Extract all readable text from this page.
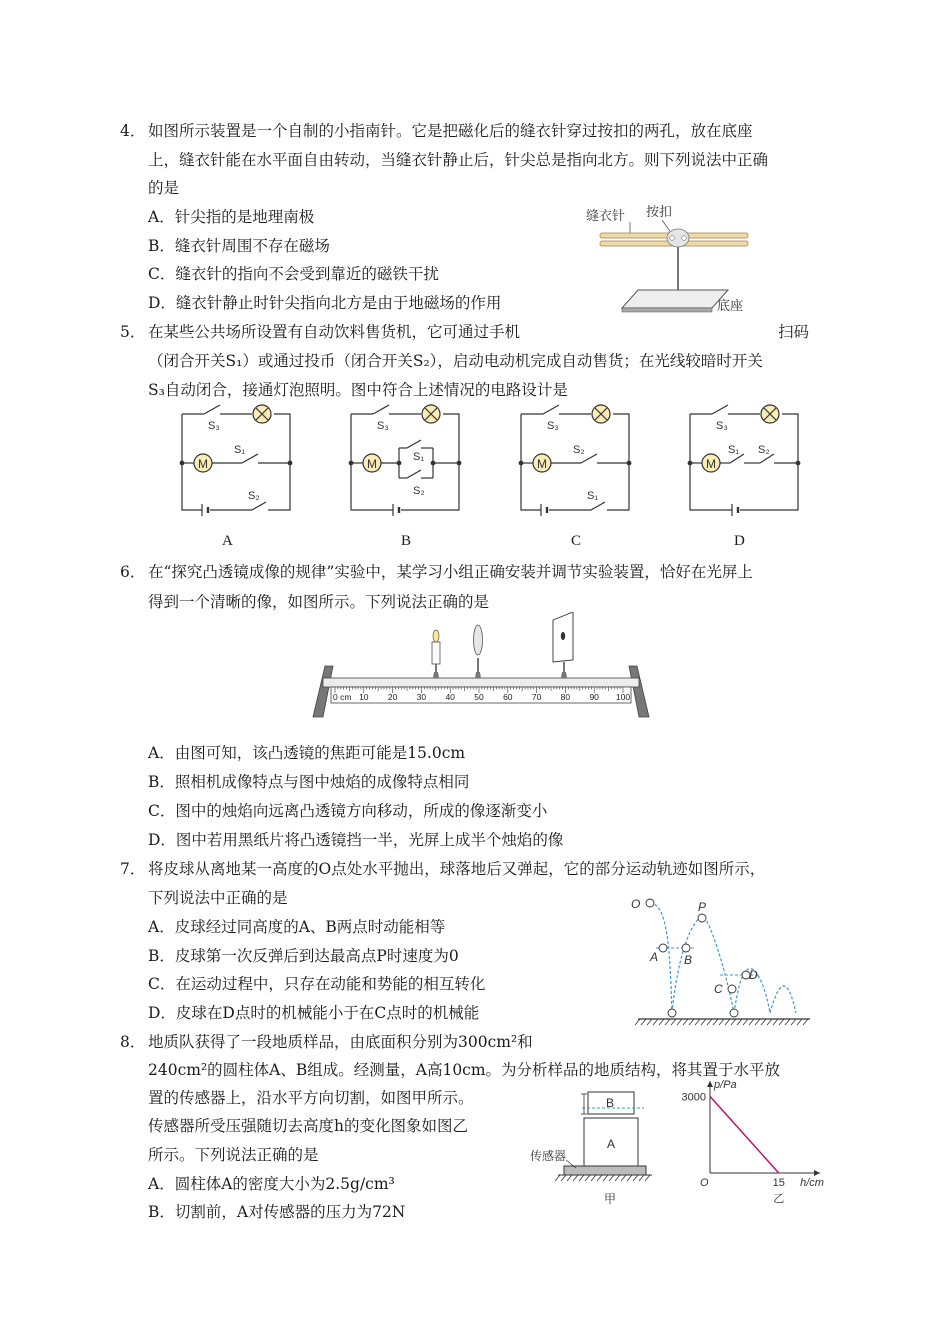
4． 如图所示装置是一个自制的小指南针。它是把磁化后的缝衣针穿过按扣的两孔，放在底座
上，缝衣针能在水平面自由转动，当缝衣针静止后，针尖总是指向北方。则下列说法中正确
的是
A．针尖指的是地理南极
B．缝衣针周围不存在磁场
C．缝衣针的指向不会受到靠近的磁铁干扰
D．缝衣针静止时针尖指向北方是由于地磁场的作用
缝衣针 按扣
底座
5． 在某些公共场所设置有自动饮料售货机，它可通过手机	扫码
（闭合开关S₁）或通过投币（闭合开关S₂），启动电动机完成自动售货；在光线较暗时开关
S₃自动闭合，接通灯泡照明。图中符合上述情况的电路设计是
M
S₃
S₁
S₂
A
M
S₃
S₁
S₂
B
M
S₃
S₂
S₁
C
M
S₃
S₁ S₂
D
6． 在“探究凸透镜成像的规律”实验中，某学习小组正确安装并调节实验装置，恰好在光屏上
得到一个清晰的像，如图所示。下列说法正确的是
0 cm 10 20 30 40 50 60 70 80 90 100
A．由图可知，该凸透镜的焦距可能是15.0cm
B．照相机成像特点与图中烛焰的成像特点相同
C．图中的烛焰向远离凸透镜方向移动，所成的像逐渐变小
D．图中若用黑纸片将凸透镜挡一半，光屏上成半个烛焰的像
7． 将皮球从离地某一高度的O点处水平抛出，球落地后又弹起，它的部分运动轨迹如图所示，
下列说法中正确的是
A．皮球经过同高度的A、B两点时动能相等
B．皮球第一次反弹后到达最高点P时速度为0
C．在运动过程中，只存在动能和势能的相互转化
D．皮球在D点时的机械能小于在C点时的机械能
O	P
A B
C
D
8． 地质队获得了一段地质样品，由底面积分别为300cm²和
240cm²的圆柱体A、B组成。经测量，A高10cm。为分析样品的地质结构，将其置于水平放
置的传感器上，沿水平方向切割，如图甲所示。
传感器所受压强随切去高度h的变化图象如图乙
所示。下列说法正确的是
A．圆柱体A的密度大小为2.5g/cm³
B．切割前，A对传感器的压力为72N
B
A
传感器
甲
3000
15
O
p/Pa
h/cm
乙
